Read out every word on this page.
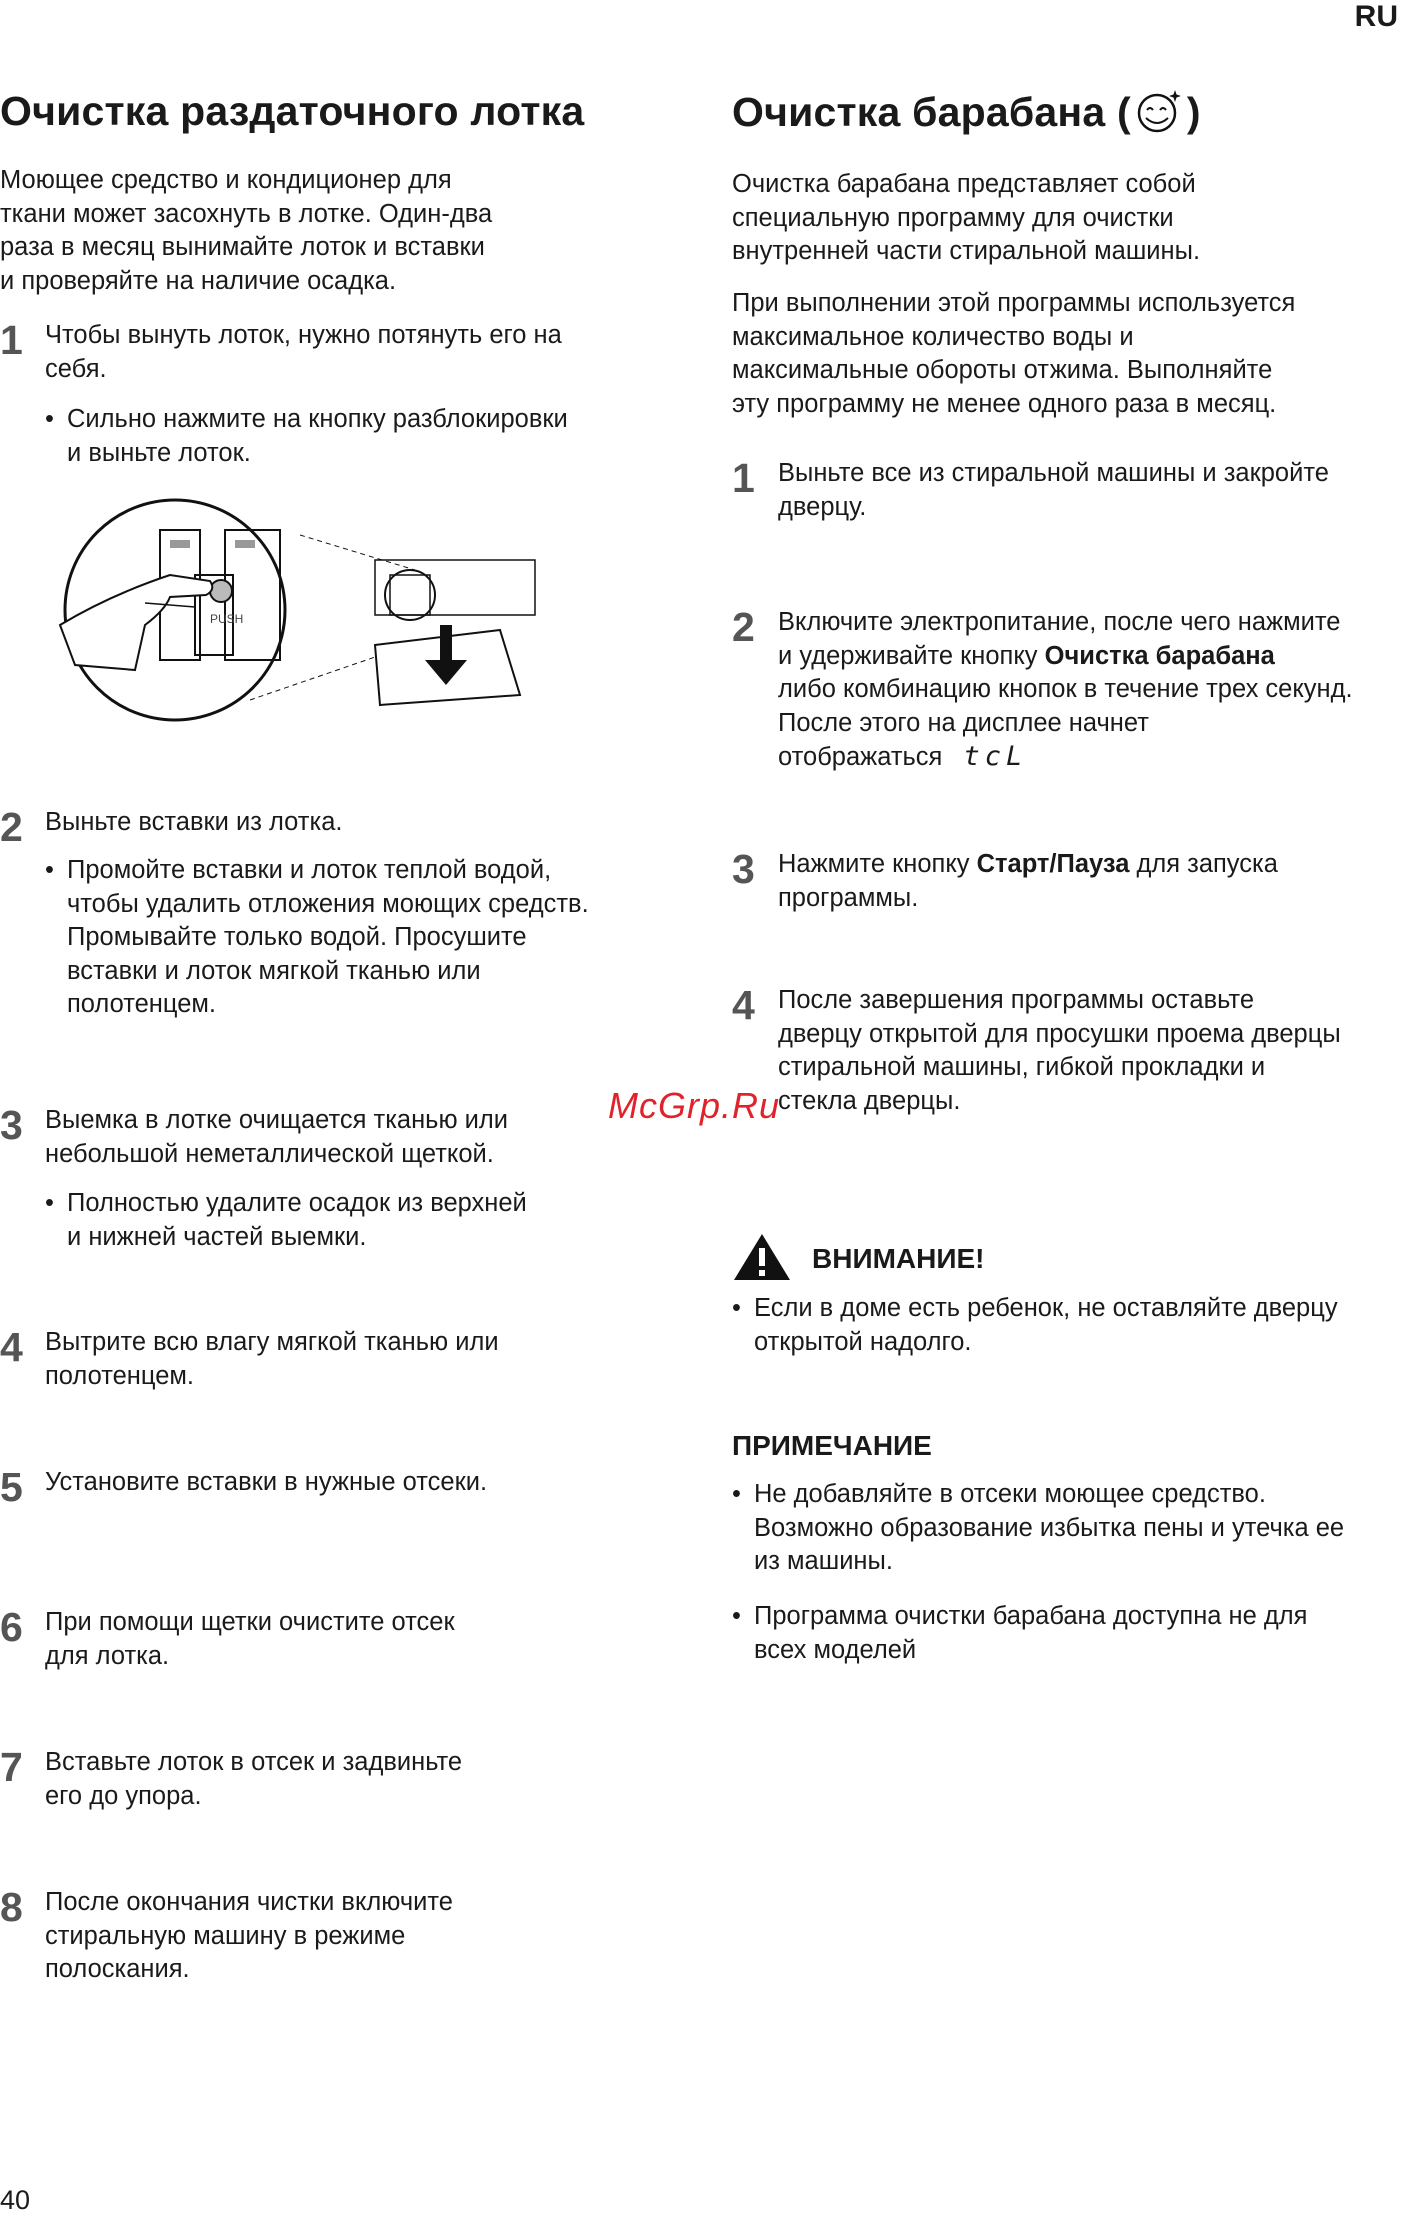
RU
Очистка раздаточного лотка

Моющее средство и кондиционер для
ткани может засохнуть в лотке. Один-два
раза в месяц вынимайте лоток и вставки
и проверяйте на наличие осадка.

1 Чтобы вынуть лоток, нужно потянуть его на
себя.

• Сильно нажмите на кнопку разблокировки
и выньте лоток.
PUSH
2 Выньте вставки из лотка.

• Промойте вставки и лоток теплой водой,
чтобы удалить отложения моющих средств.
Промывайте только водой. Просушите
вставки и лоток мягкой тканью или
полотенцем.
3 Выемка в лотке очищается тканью или
небольшой неметаллической щеткой.

• Полностью удалите осадок из верхней
и нижней частей выемки.
4 Вытрите всю влагу мягкой тканью или
полотенцем.

5 Установите вставки в нужные отсеки.

6 При помощи щетки очистите отсек
для лотка.

7 Вставьте лоток в отсек и задвиньте
его до упора.

8 После окончания чистки включите
стиральную машину в режиме
полоскания.

Очистка барабана ( )

Очистка барабана представляет собой
специальную программу для очистки
внутренней части стиральной машины.

При выполнении этой программы используется
максимальное количество воды и
максимальные обороты отжима. Выполняйте
эту программу не менее одного раза в месяц.

1 Выньте все из стиральной машины и закройте
дверцу.

2 Включите электропитание, после чего нажмите
и удерживайте кнопку Очистка барабана
либо комбинацию кнопок в течение трех секунд.
После этого на дисплее начнет
отображаться tcL

3 Нажмите кнопку Старт/Пауза для запуска
программы.

4 После завершения программы оставьте
дверцу открытой для просушки проема дверцы
стиральной машины, гибкой прокладки и
стекла дверцы.

McGrp.Ru
ВНИМАНИЕ!
• Если в доме есть ребенок, не оставляйте дверцу
открытой надолго.
ПРИМЕЧАНИЕ
• Не добавляйте в отсеки моющее средство.
Возможно образование избытка пены и утечка ее
из машины.
• Программа очистки барабана доступна не для
всех моделей
40
